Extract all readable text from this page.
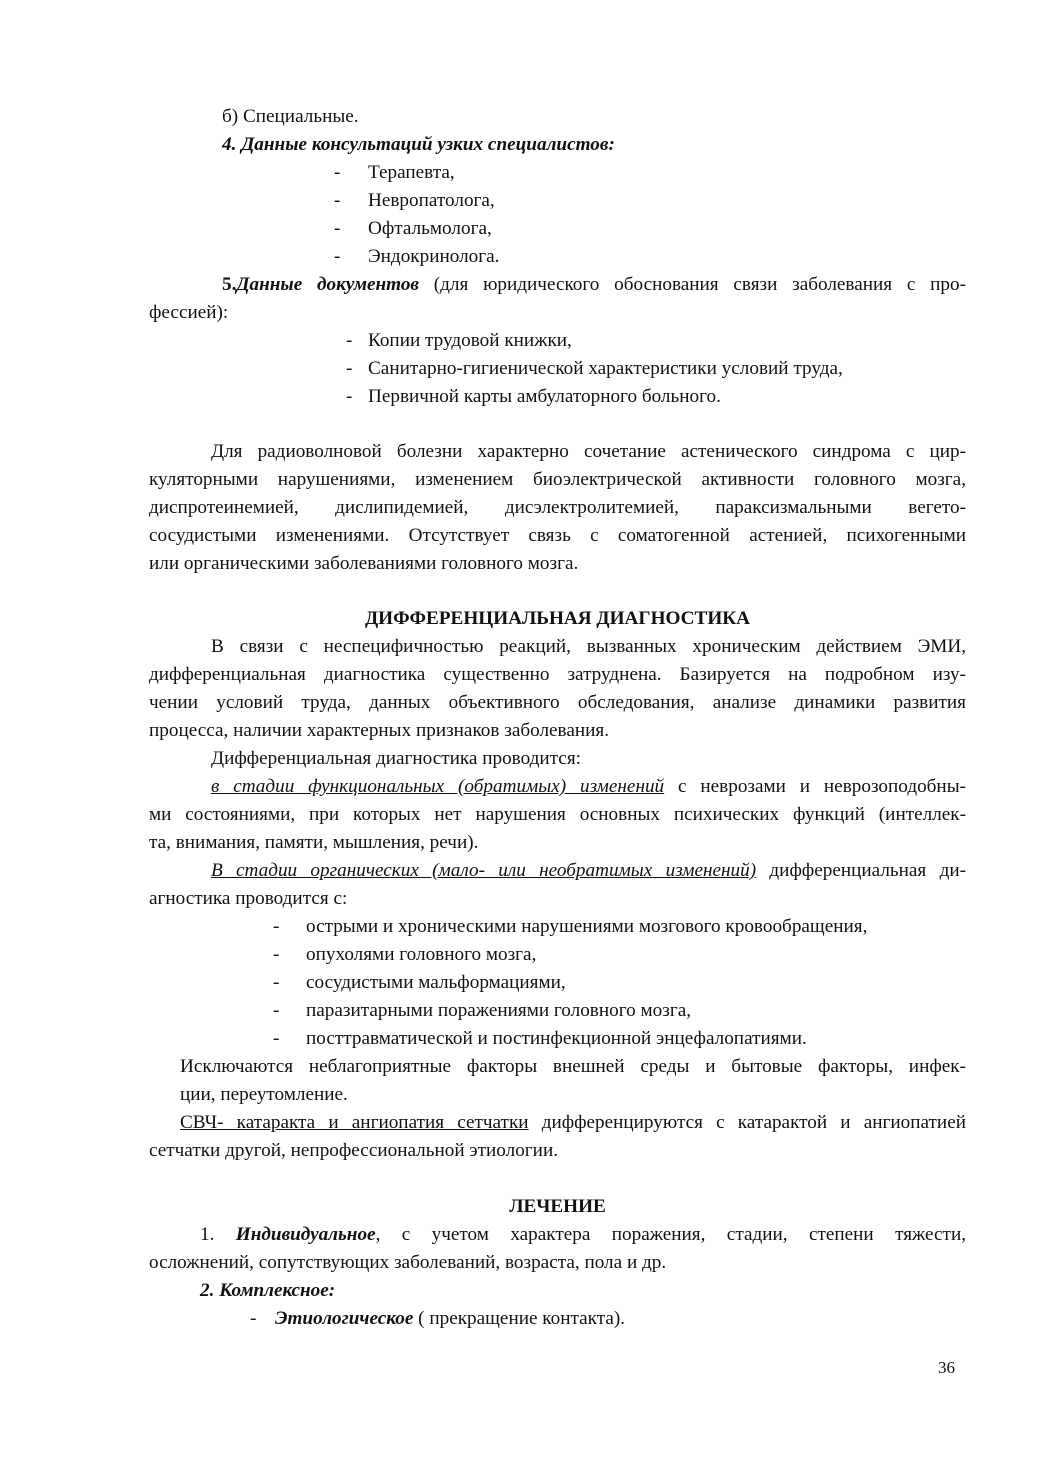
б) Специальные.
4. Данные консультаций узких специалистов:
- Терапевта,
- Невропатолога,
- Офтальмолога,
- Эндокринолога.
5.Данные документов (для юридического обоснования связи заболевания с про-
фессией):
- Копии трудовой книжки,
- Санитарно-гигиенической характеристики условий труда,
- Первичной карты амбулаторного больного.
Для радиоволновой болезни характерно сочетание астенического синдрома с цир-
куляторными нарушениями, изменением биоэлектрической активности головного мозга,
диспротеинемией, дислипидемией, дисэлектролитемией, параксизмальными вегето-
сосудистыми изменениями. Отсутствует связь с соматогенной астенией, психогенными
или органическими заболеваниями головного мозга.
ДИФФЕРЕНЦИАЛЬНАЯ ДИАГНОСТИКА
В связи с неспецифичностью реакций, вызванных хроническим действием ЭМИ,
дифференциальная диагностика существенно затруднена. Базируется на подробном изу-
чении условий труда, данных объективного обследования, анализе динамики развития
процесса, наличии характерных признаков заболевания.
Дифференциальная диагностика проводится:
в стадии функциональных (обратимых) изменений с неврозами и неврозоподобны-
ми состояниями, при которых нет нарушения основных психических функций (интеллек-
та, внимания, памяти, мышления, речи).
В стадии органических (мало- или необратимых изменений) дифференциальная ди-
агностика проводится с:
- острыми и хроническими нарушениями мозгового кровообращения,
- опухолями головного мозга,
- сосудистыми мальформациями,
- паразитарными поражениями головного мозга,
- посттравматической и постинфекционной энцефалопатиями.
Исключаются неблагоприятные факторы внешней среды и бытовые факторы, инфек-
ции, переутомление.
СВЧ- катаракта и ангиопатия сетчатки дифференцируются с катарактой и ангиопатией
сетчатки другой, непрофессиональной этиологии.
ЛЕЧЕНИЕ
1. Индивидуальное, с учетом характера поражения, стадии, степени тяжести,
осложнений, сопутствующих заболеваний, возраста, пола и др.
2. Комплексное:
- Этиологическое ( прекращение контакта).
36
